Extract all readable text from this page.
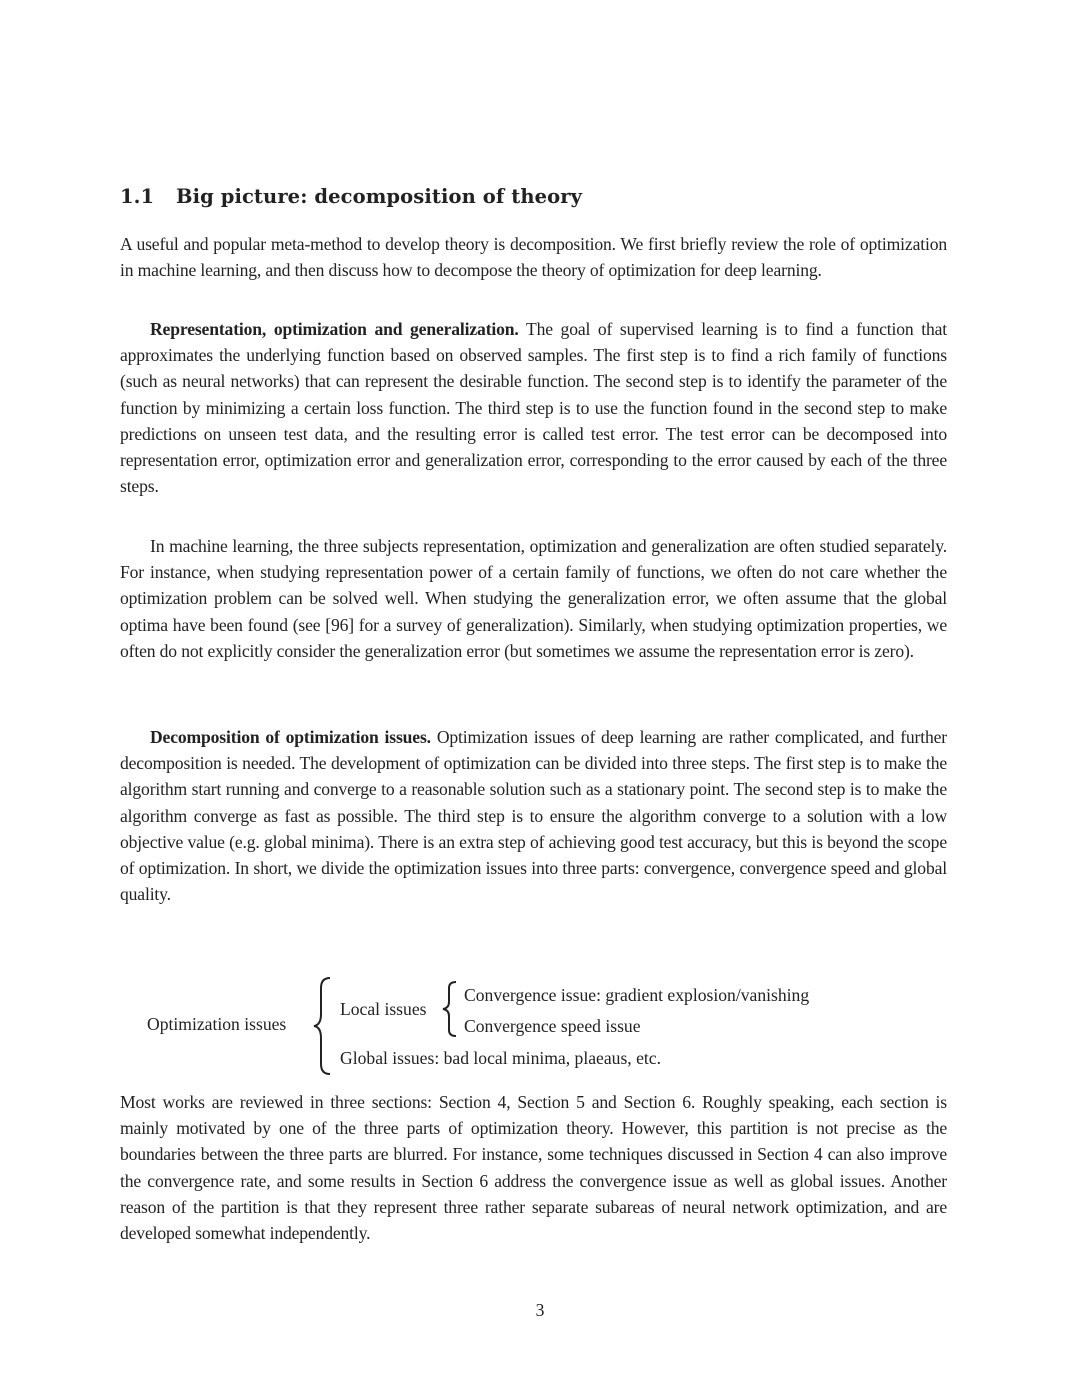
1.1 Big picture: decomposition of theory

A useful and popular meta-method to develop theory is decomposition. We first briefly review the role of optimization in machine learning, and then discuss how to decompose the theory of optimization for deep learning.

Representation, optimization and generalization. The goal of supervised learning is to find a function that approximates the underlying function based on observed samples. The first step is to find a rich family of functions (such as neural networks) that can represent the desirable function. The second step is to identify the parameter of the function by minimizing a certain loss function. The third step is to use the function found in the second step to make predictions on unseen test data, and the resulting error is called test error. The test error can be decomposed into representation error, optimization error and generalization error, corresponding to the error caused by each of the three steps.

In machine learning, the three subjects representation, optimization and generalization are often studied separately. For instance, when studying representation power of a certain family of functions, we often do not care whether the optimization problem can be solved well. When studying the generalization error, we often assume that the global optima have been found (see [96] for a survey of generalization). Similarly, when studying optimization properties, we often do not explicitly consider the generalization error (but sometimes we assume the representation error is zero).

Decomposition of optimization issues. Optimization issues of deep learning are rather complicated, and further decomposition is needed. The development of optimization can be divided into three steps. The first step is to make the algorithm start running and converge to a reasonable solution such as a stationary point. The second step is to make the algorithm converge as fast as possible. The third step is to ensure the algorithm converge to a solution with a low objective value (e.g. global minima). There is an extra step of achieving good test accuracy, but this is beyond the scope of optimization. In short, we divide the optimization issues into three parts: convergence, convergence speed and global quality.

Optimization issues
Local issues
Convergence issue: gradient explosion/vanishing
Convergence speed issue
Global issues: bad local minima, plaeaus, etc.

Most works are reviewed in three sections: Section 4, Section 5 and Section 6. Roughly speaking, each section is mainly motivated by one of the three parts of optimization theory. However, this partition is not precise as the boundaries between the three parts are blurred. For instance, some techniques discussed in Section 4 can also improve the convergence rate, and some results in Section 6 address the convergence issue as well as global issues. Another reason of the partition is that they represent three rather separate subareas of neural network optimization, and are developed somewhat independently.

3
